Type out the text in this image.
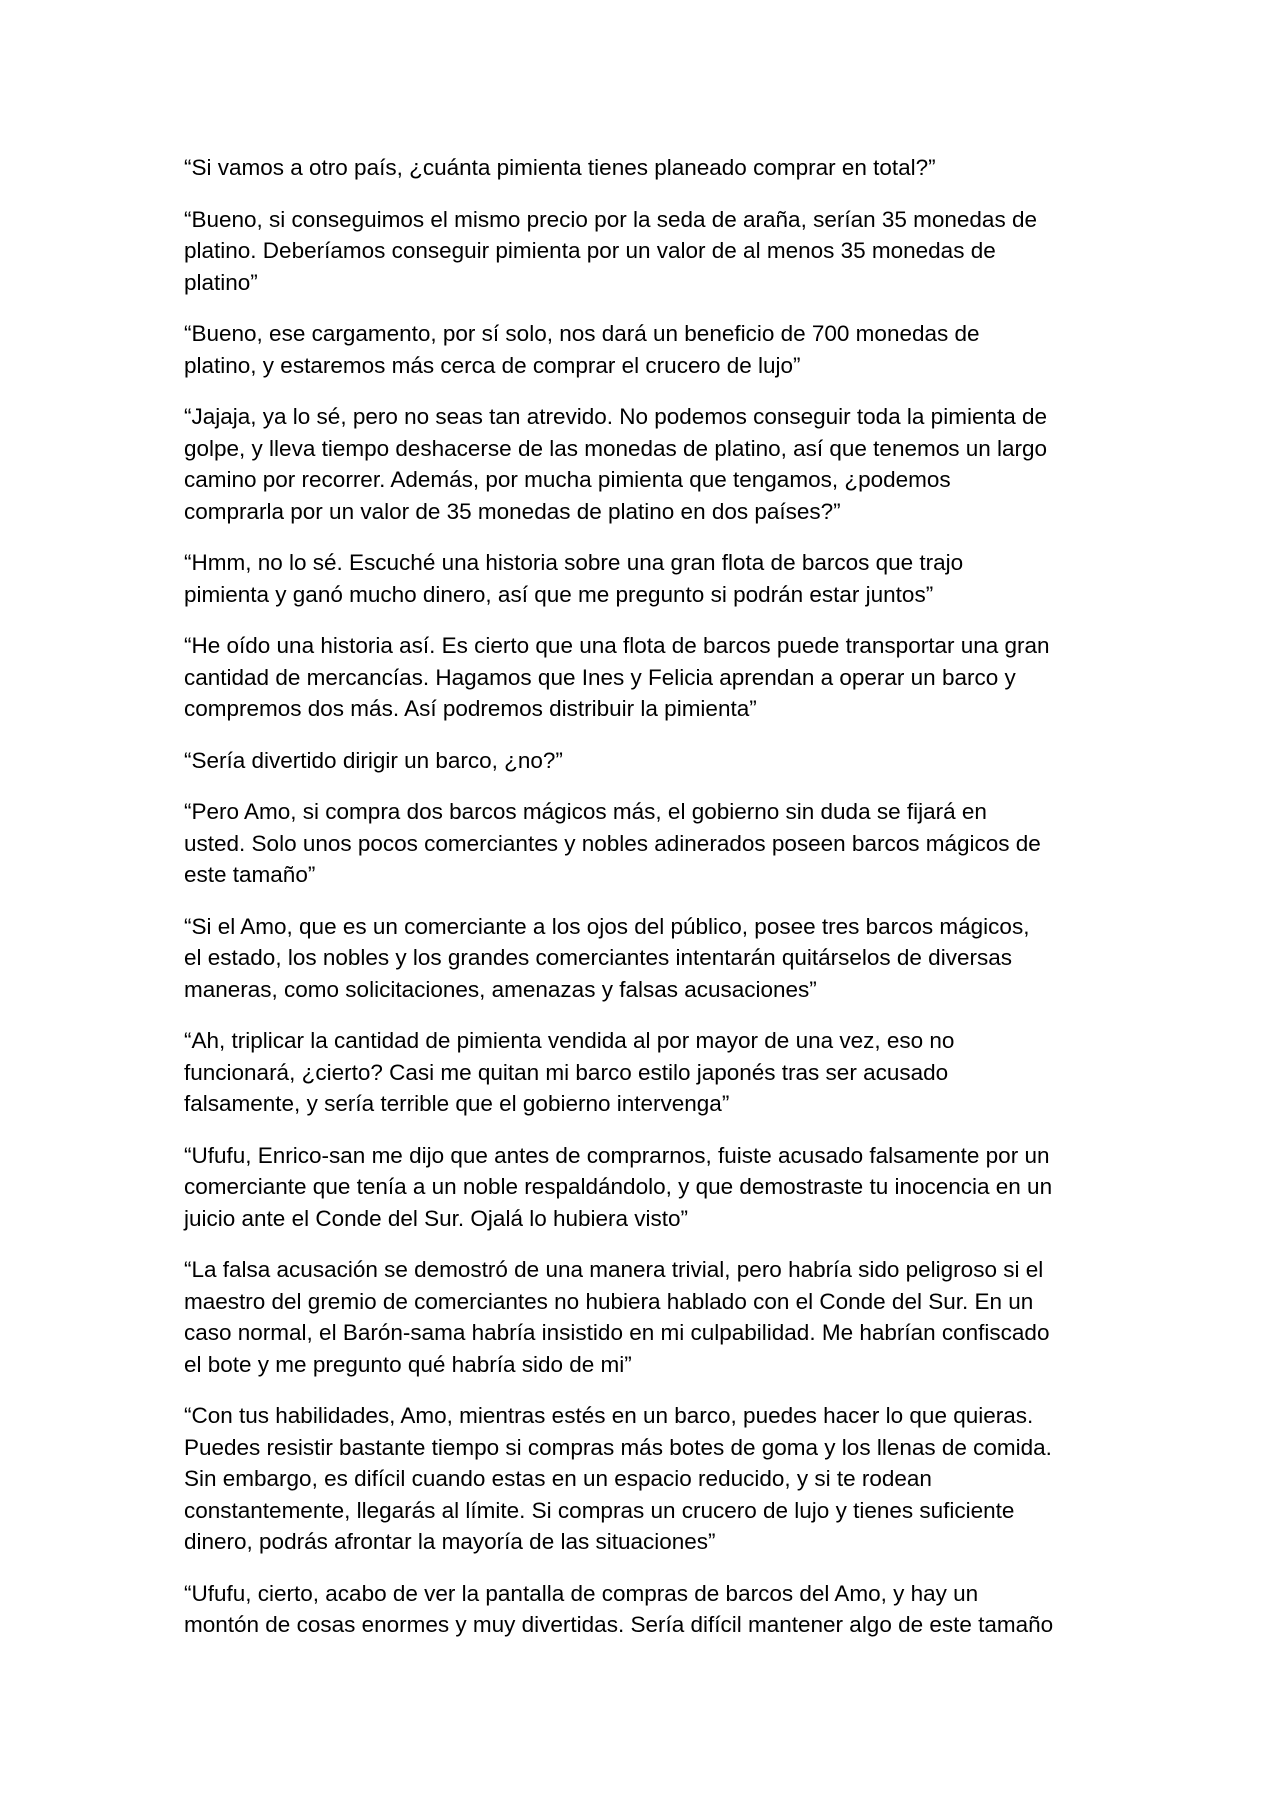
“Si vamos a otro país, ¿cuánta pimienta tienes planeado comprar en total?”

“Bueno, si conseguimos el mismo precio por la seda de araña, serían 35 monedas de
platino. Deberíamos conseguir pimienta por un valor de al menos 35 monedas de
platino”

“Bueno, ese cargamento, por sí solo, nos dará un beneficio de 700 monedas de
platino, y estaremos más cerca de comprar el crucero de lujo”

“Jajaja, ya lo sé, pero no seas tan atrevido. No podemos conseguir toda la pimienta de
golpe, y lleva tiempo deshacerse de las monedas de platino, así que tenemos un largo
camino por recorrer. Además, por mucha pimienta que tengamos, ¿podemos
comprarla por un valor de 35 monedas de platino en dos países?”

“Hmm, no lo sé. Escuché una historia sobre una gran flota de barcos que trajo
pimienta y ganó mucho dinero, así que me pregunto si podrán estar juntos”

“He oído una historia así. Es cierto que una flota de barcos puede transportar una gran
cantidad de mercancías. Hagamos que Ines y Felicia aprendan a operar un barco y
compremos dos más. Así podremos distribuir la pimienta”

“Sería divertido dirigir un barco, ¿no?”

“Pero Amo, si compra dos barcos mágicos más, el gobierno sin duda se fijará en
usted. Solo unos pocos comerciantes y nobles adinerados poseen barcos mágicos de
este tamaño”

“Si el Amo, que es un comerciante a los ojos del público, posee tres barcos mágicos,
el estado, los nobles y los grandes comerciantes intentarán quitárselos de diversas
maneras, como solicitaciones, amenazas y falsas acusaciones”

“Ah, triplicar la cantidad de pimienta vendida al por mayor de una vez, eso no
funcionará, ¿cierto? Casi me quitan mi barco estilo japonés tras ser acusado
falsamente, y sería terrible que el gobierno intervenga”

“Ufufu, Enrico-san me dijo que antes de comprarnos, fuiste acusado falsamente por un
comerciante que tenía a un noble respaldándolo, y que demostraste tu inocencia en un
juicio ante el Conde del Sur. Ojalá lo hubiera visto”

“La falsa acusación se demostró de una manera trivial, pero habría sido peligroso si el
maestro del gremio de comerciantes no hubiera hablado con el Conde del Sur. En un
caso normal, el Barón-sama habría insistido en mi culpabilidad. Me habrían confiscado
el bote y me pregunto qué habría sido de mi”

“Con tus habilidades, Amo, mientras estés en un barco, puedes hacer lo que quieras.
Puedes resistir bastante tiempo si compras más botes de goma y los llenas de comida.
Sin embargo, es difícil cuando estas en un espacio reducido, y si te rodean
constantemente, llegarás al límite. Si compras un crucero de lujo y tienes suficiente
dinero, podrás afrontar la mayoría de las situaciones”

“Ufufu, cierto, acabo de ver la pantalla de compras de barcos del Amo, y hay un
montón de cosas enormes y muy divertidas. Sería difícil mantener algo de este tamaño
